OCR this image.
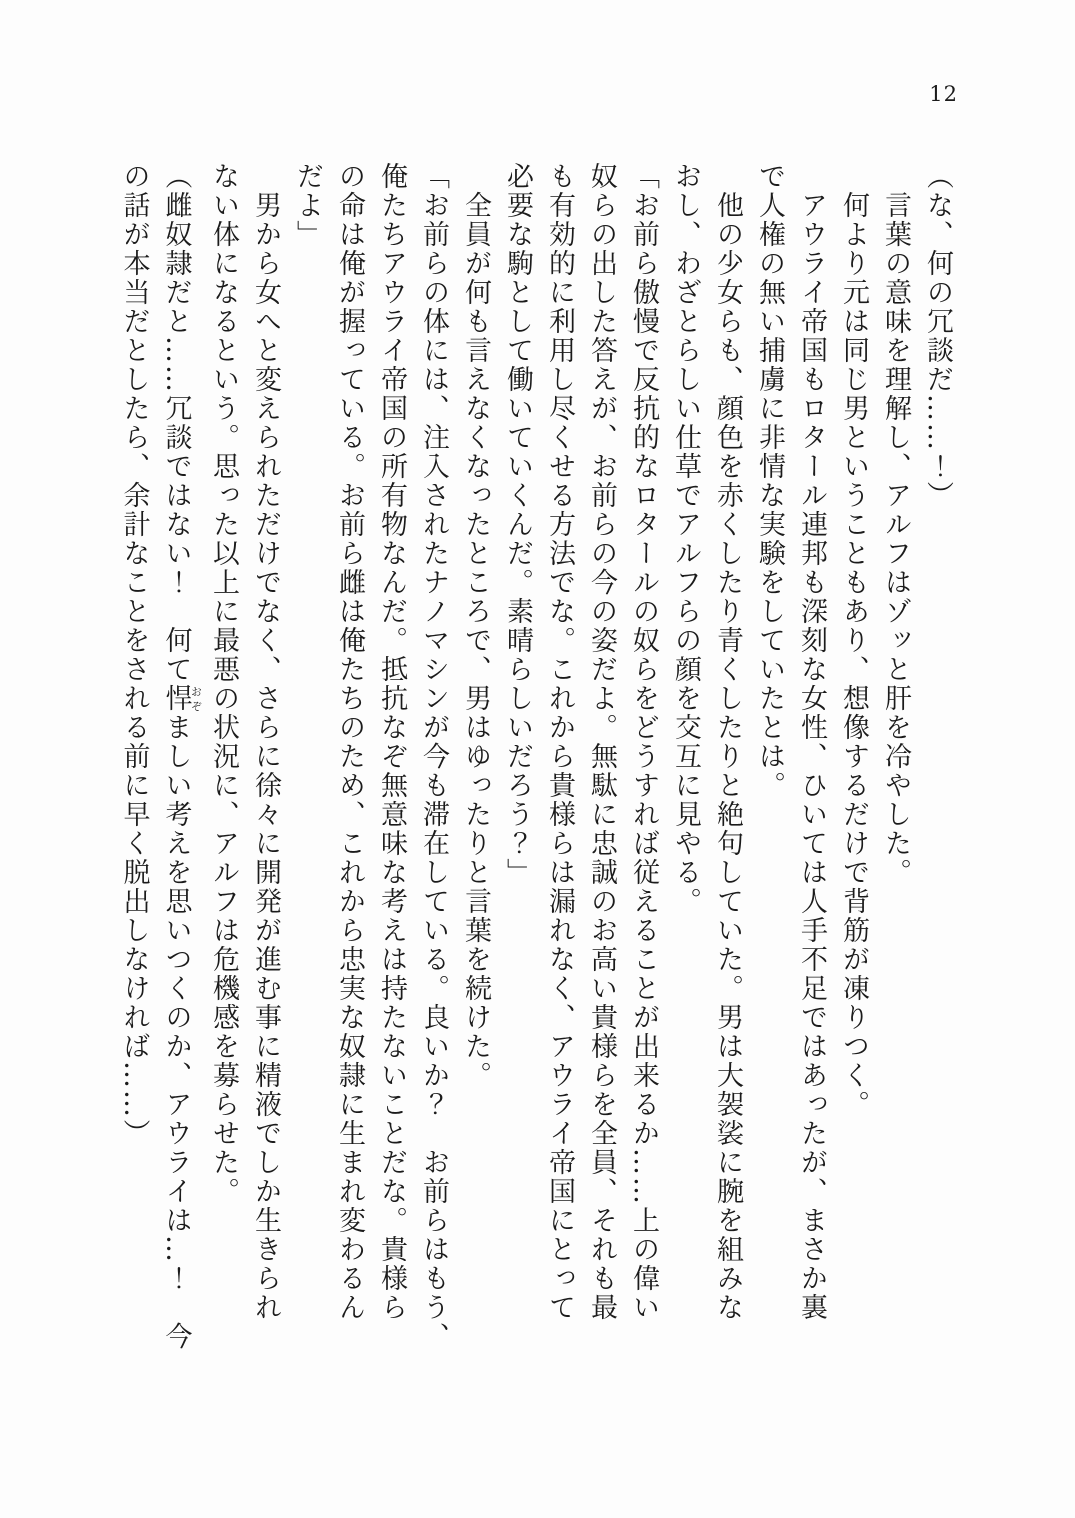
12
（な、何の冗談だ……！）
　言葉の意味を理解し、アルフはゾッと肝を冷やした。
　何より元は同じ男ということもあり、想像するだけで背筋が凍りつく。
　アウライ帝国もロタール連邦も深刻な女性、ひいては人手不足ではあったが、まさか裏
で人権の無い捕虜に非情な実験をしていたとは。
　他の少女らも、顔色を赤くしたり青くしたりと絶句していた。男は大袈裟に腕を組みな
おし、わざとらしい仕草でアルフらの顔を交互に見やる。
「お前ら傲慢で反抗的なロタールの奴らをどうすれば従えることが出来るか……上の偉い
奴らの出した答えが、お前らの今の姿だよ。無駄に忠誠のお高い貴様らを全員、それも最
も有効的に利用し尽くせる方法でな。これから貴様らは漏れなく、アウライ帝国にとって
必要な駒として働いていくんだ。素晴らしいだろう？」
　全員が何も言えなくなったところで、男はゆったりと言葉を続けた。
「お前らの体には、注入されたナノマシンが今も滞在している。良いか？　お前らはもう、
俺たちアウライ帝国の所有物なんだ。抵抗なぞ無意味な考えは持たないことだな。貴様ら
の命は俺が握っている。お前ら雌は俺たちのため、これから忠実な奴隷に生まれ変わるん
だよ」
　男から女へと変えられただけでなく、さらに徐々に開発が進む事に精液でしか生きられ
ない体になるという。思った以上に最悪の状況に、アルフは危機感を募らせた。
（雌奴隷だと……冗談ではない！　何て悍おぞましい考えを思いつくのか、アウライは…！　今
の話が本当だとしたら、余計なことをされる前に早く脱出しなければ……）
